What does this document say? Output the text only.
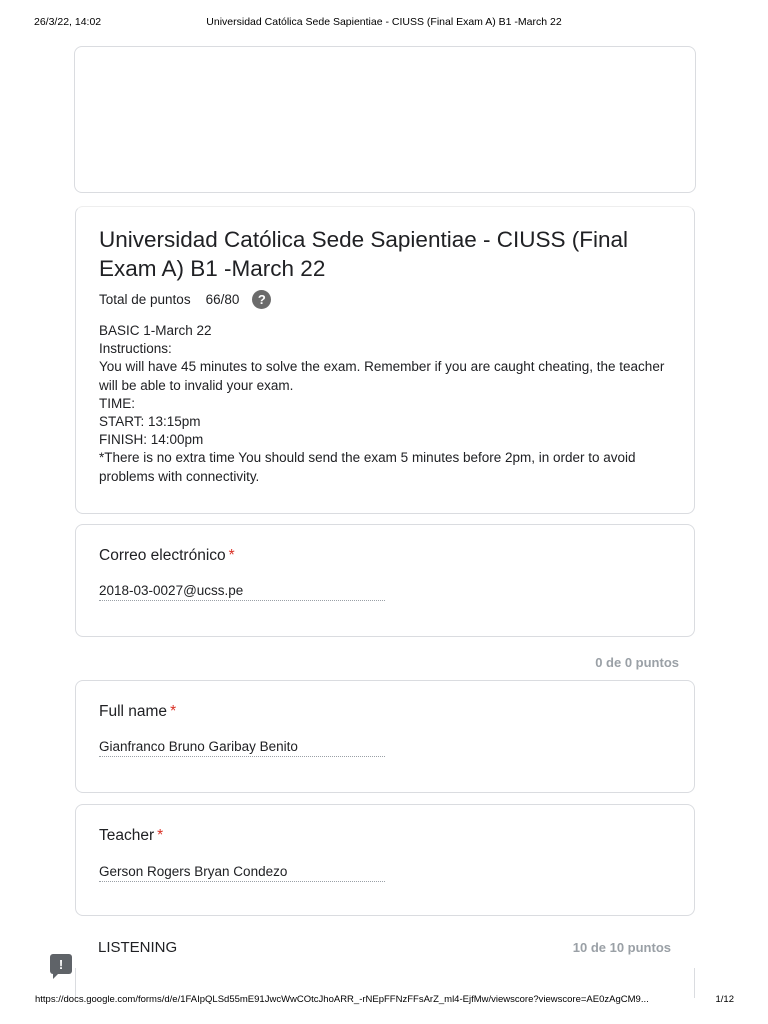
26/3/22, 14:02	Universidad Católica Sede Sapientiae - CIUSS (Final Exam A) B1 -March 22
Universidad Católica Sede Sapientiae - CIUSS (Final Exam A) B1 -March 22
Total de puntos 66/80	?
BASIC 1-March 22
Instructions:
You will have 45 minutes to solve the exam. Remember if you are caught cheating, the teacher will be able to invalid your exam.
TIME:
START: 13:15pm
FINISH: 14:00pm
*There is no extra time You should send the exam 5 minutes before 2pm, in order to avoid problems with connectivity.
Correo electrónico *
2018-03-0027@ucss.pe
0 de 0 puntos
Full name *
Gianfranco Bruno Garibay Benito
Teacher *
Gerson Rogers Bryan Condezo
!
LISTENING	10 de 10 puntos
https://docs.google.com/forms/d/e/1FAIpQLSd55mE91JwcWwCOtcJhoARR_-rNEpFFNzFFsArZ_ml4-EjfMw/viewscore?viewscore=AE0zAgCM9...	1/12
